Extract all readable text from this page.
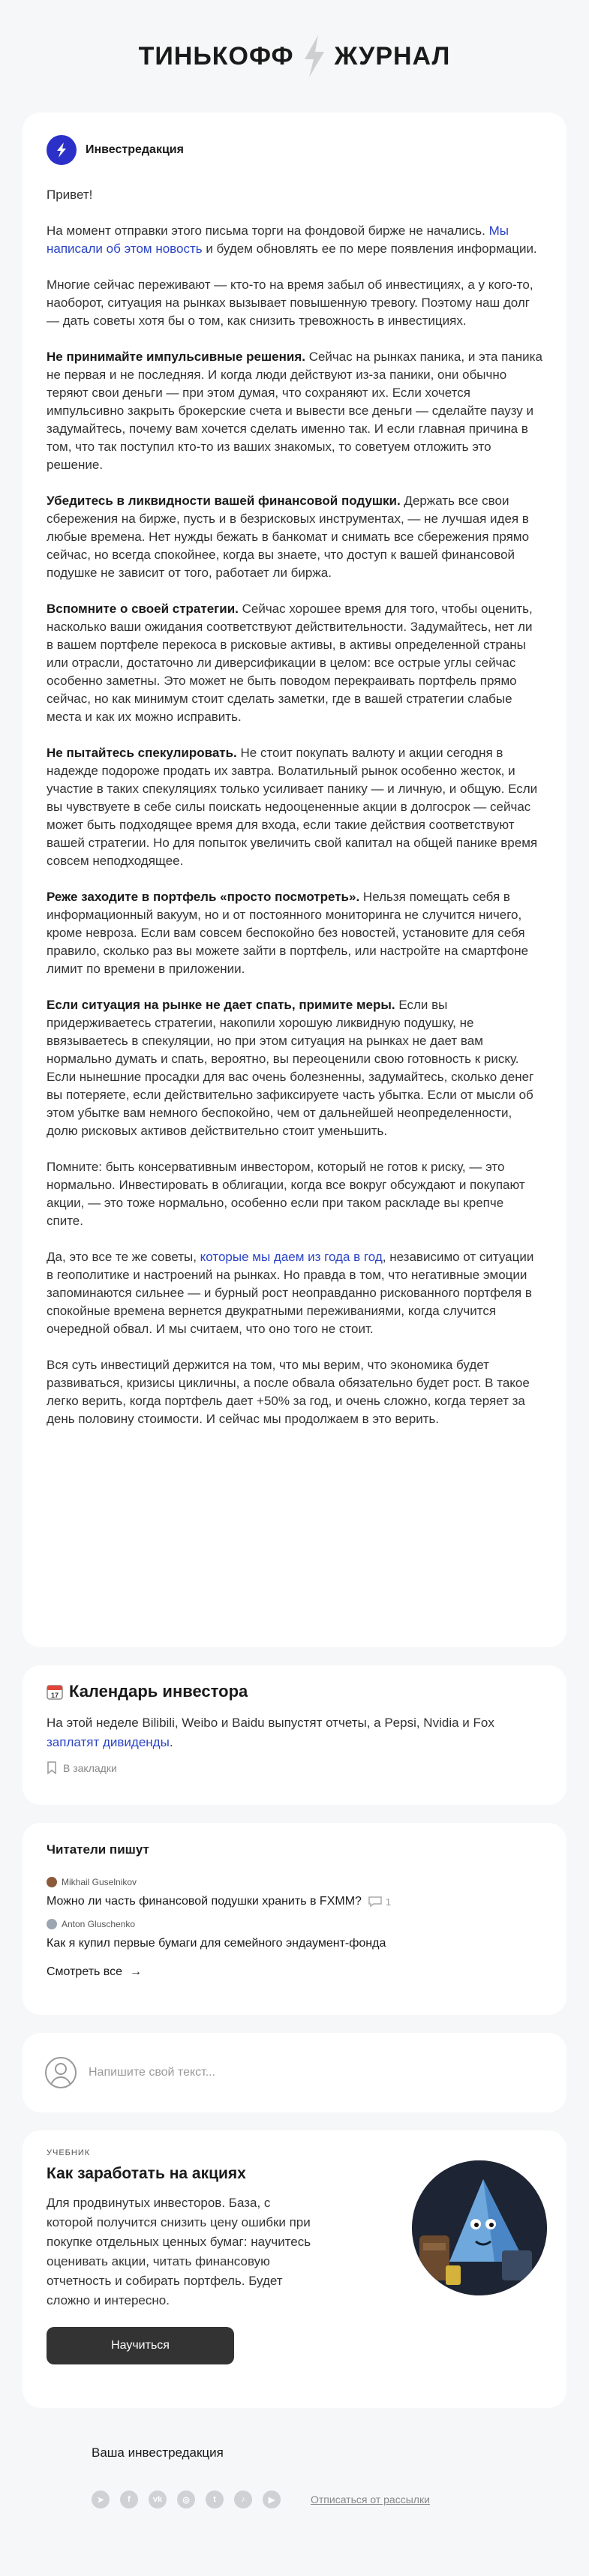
ТИНЬКОФФ ЖУРНАЛ
Инвестредакция

Привет!

На момент отправки этого письма торги на фондовой бирже не начались. Мы написали об этом новость и будем обновлять ее по мере появления информации.

Многие сейчас переживают — кто-то на время забыл об инвестициях, а у кого-то, наоборот, ситуация на рынках вызывает повышенную тревогу. Поэтому наш долг — дать советы хотя бы о том, как снизить тревожность в инвестициях.

Не принимайте импульсивные решения. Сейчас на рынках паника, и эта паника не первая и не последняя. И когда люди действуют из-за паники, они обычно теряют свои деньги — при этом думая, что сохраняют их. Если хочется импульсивно закрыть брокерские счета и вывести все деньги — сделайте паузу и задумайтесь, почему вам хочется сделать именно так. И если главная причина в том, что так поступил кто-то из ваших знакомых, то советуем отложить это решение.

Убедитесь в ликвидности вашей финансовой подушки. Держать все свои сбережения на бирже, пусть и в безрисковых инструментах, — не лучшая идея в любые времена. Нет нужды бежать в банкомат и снимать все сбережения прямо сейчас, но всегда спокойнее, когда вы знаете, что доступ к вашей финансовой подушке не зависит от того, работает ли биржа.

Вспомните о своей стратегии. Сейчас хорошее время для того, чтобы оценить, насколько ваши ожидания соответствуют действительности. Задумайтесь, нет ли в вашем портфеле перекоса в рисковые активы, в активы определенной страны или отрасли, достаточно ли диверсификации в целом: все острые углы сейчас особенно заметны. Это может не быть поводом перекраивать портфель прямо сейчас, но как минимум стоит сделать заметки, где в вашей стратегии слабые места и как их можно исправить.

Не пытайтесь спекулировать. Не стоит покупать валюту и акции сегодня в надежде подороже продать их завтра. Волатильный рынок особенно жесток, и участие в таких спекуляциях только усиливает панику — и личную, и общую. Если вы чувствуете в себе силы поискать недооцененные акции в долгосрок — сейчас может быть подходящее время для входа, если такие действия соответствуют вашей стратегии. Но для попыток увеличить свой капитал на общей панике время совсем неподходящее.

Реже заходите в портфель «просто посмотреть». Нельзя помещать себя в информационный вакуум, но и от постоянного мониторинга не случится ничего, кроме невроза. Если вам совсем беспокойно без новостей, установите для себя правило, сколько раз вы можете зайти в портфель, или настройте на смартфоне лимит по времени в приложении.

Если ситуация на рынке не дает спать, примите меры. Если вы придерживаетесь стратегии, накопили хорошую ликвидную подушку, не ввязываетесь в спекуляции, но при этом ситуация на рынках не дает вам нормально думать и спать, вероятно, вы переоценили свою готовность к риску. Если нынешние просадки для вас очень болезненны, задумайтесь, сколько денег вы потеряете, если действительно зафиксируете часть убытка. Если от мысли об этом убытке вам немного беспокойно, чем от дальнейшей неопределенности, долю рисковых активов действительно стоит уменьшить.

Помните: быть консервативным инвестором, который не готов к риску, — это нормально. Инвестировать в облигации, когда все вокруг обсуждают и покупают акции, — это тоже нормально, особенно если при таком раскладе вы крепче спите.

Да, это все те же советы, которые мы даем из года в год, независимо от ситуации в геополитике и настроений на рынках. Но правда в том, что негативные эмоции запоминаются сильнее — и бурный рост неоправданно рискованного портфеля в спокойные времена вернется двукратными переживаниями, когда случится очередной обвал. И мы считаем, что оно того не стоит.

Вся суть инвестиций держится на том, что мы верим, что экономика будет развиваться, кризисы цикличны, а после обвала обязательно будет рост. В такое легко верить, когда портфель дает +50% за год, и очень сложно, когда теряет за день половину стоимости. И сейчас мы продолжаем в это верить.

17 Календарь инвестора

На этой неделе Bilibili, Weibo и Baidu выпустят отчеты, а Pepsi, Nvidia и Fox заплатят дивиденды.

В закладки
Читатели пишут
Mikhail Guselnikov
Можно ли часть финансовой подушки хранить в FXMM? 1
Anton Gluschenko
Как я купил первые бумаги для семейного эндаумент-фонда
Смотреть все →
Напишите свой текст...
УЧЕБНИК
Как заработать на акциях

Для продвинутых инвесторов. База, с которой получится снизить цену ошибки при покупке отдельных ценных бумаг: научитесь оценивать акции, читать финансовую отчетность и собирать портфель. Будет сложно и интересно.

Научиться
Ваша инвестредакция
➤	f	vk	◎	t	♪	▶	Отписаться от рассылки
